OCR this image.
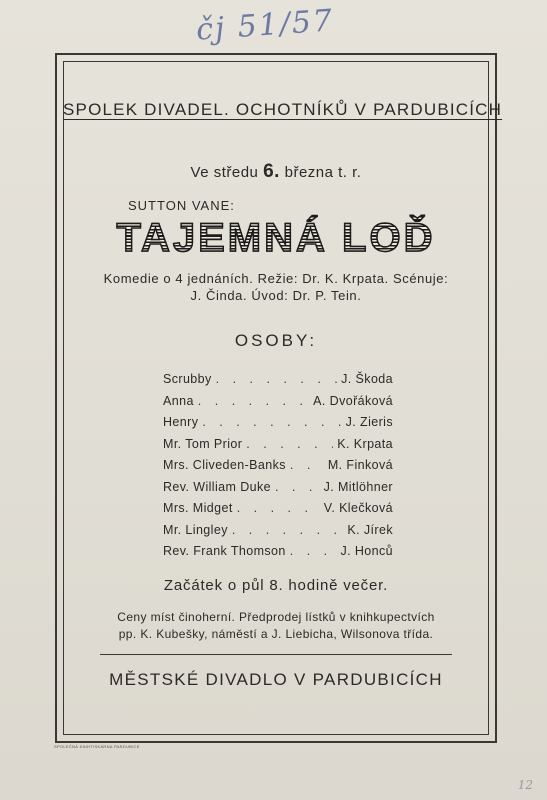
čj 51/57
SPOLEK DIVADEL. OCHOTNÍKŮ V PARDUBICÍCH
Ve středu 6. března t. r.
SUTTON VANE:
TAJEMNÁ LOĎ
Komedie o 4 jednáních. Režie: Dr. K. Krpata. Scénuje:
J. Činda. Úvod: Dr. P. Tein.
OSOBY:
Scrubby . . .	J. Škoda
Anna . . .	A. Dvořáková
Henry . . .	J. Zieris
Mr. Tom Prior . . .	K. Krpata
Mrs. Cliveden-Banks . . .	M. Finková
Rev. William Duke . . .	J. Mitlöhner
Mrs. Midget . . .	V. Klečková
Mr. Lingley . . .	K. Jírek
Rev. Frank Thomson . . .	J. Honců
Začátek o půl 8. hodině večer.
Ceny míst činoherní. Předprodej lístků v knihkupectvích
pp. K. Kubešky, náměstí a J. Liebicha, Wilsonova třída.
MĚSTSKÉ DIVADLO V PARDUBICÍCH
SPOLEČNÁ KNIHTISKÁRNA PARDUBICE
12
